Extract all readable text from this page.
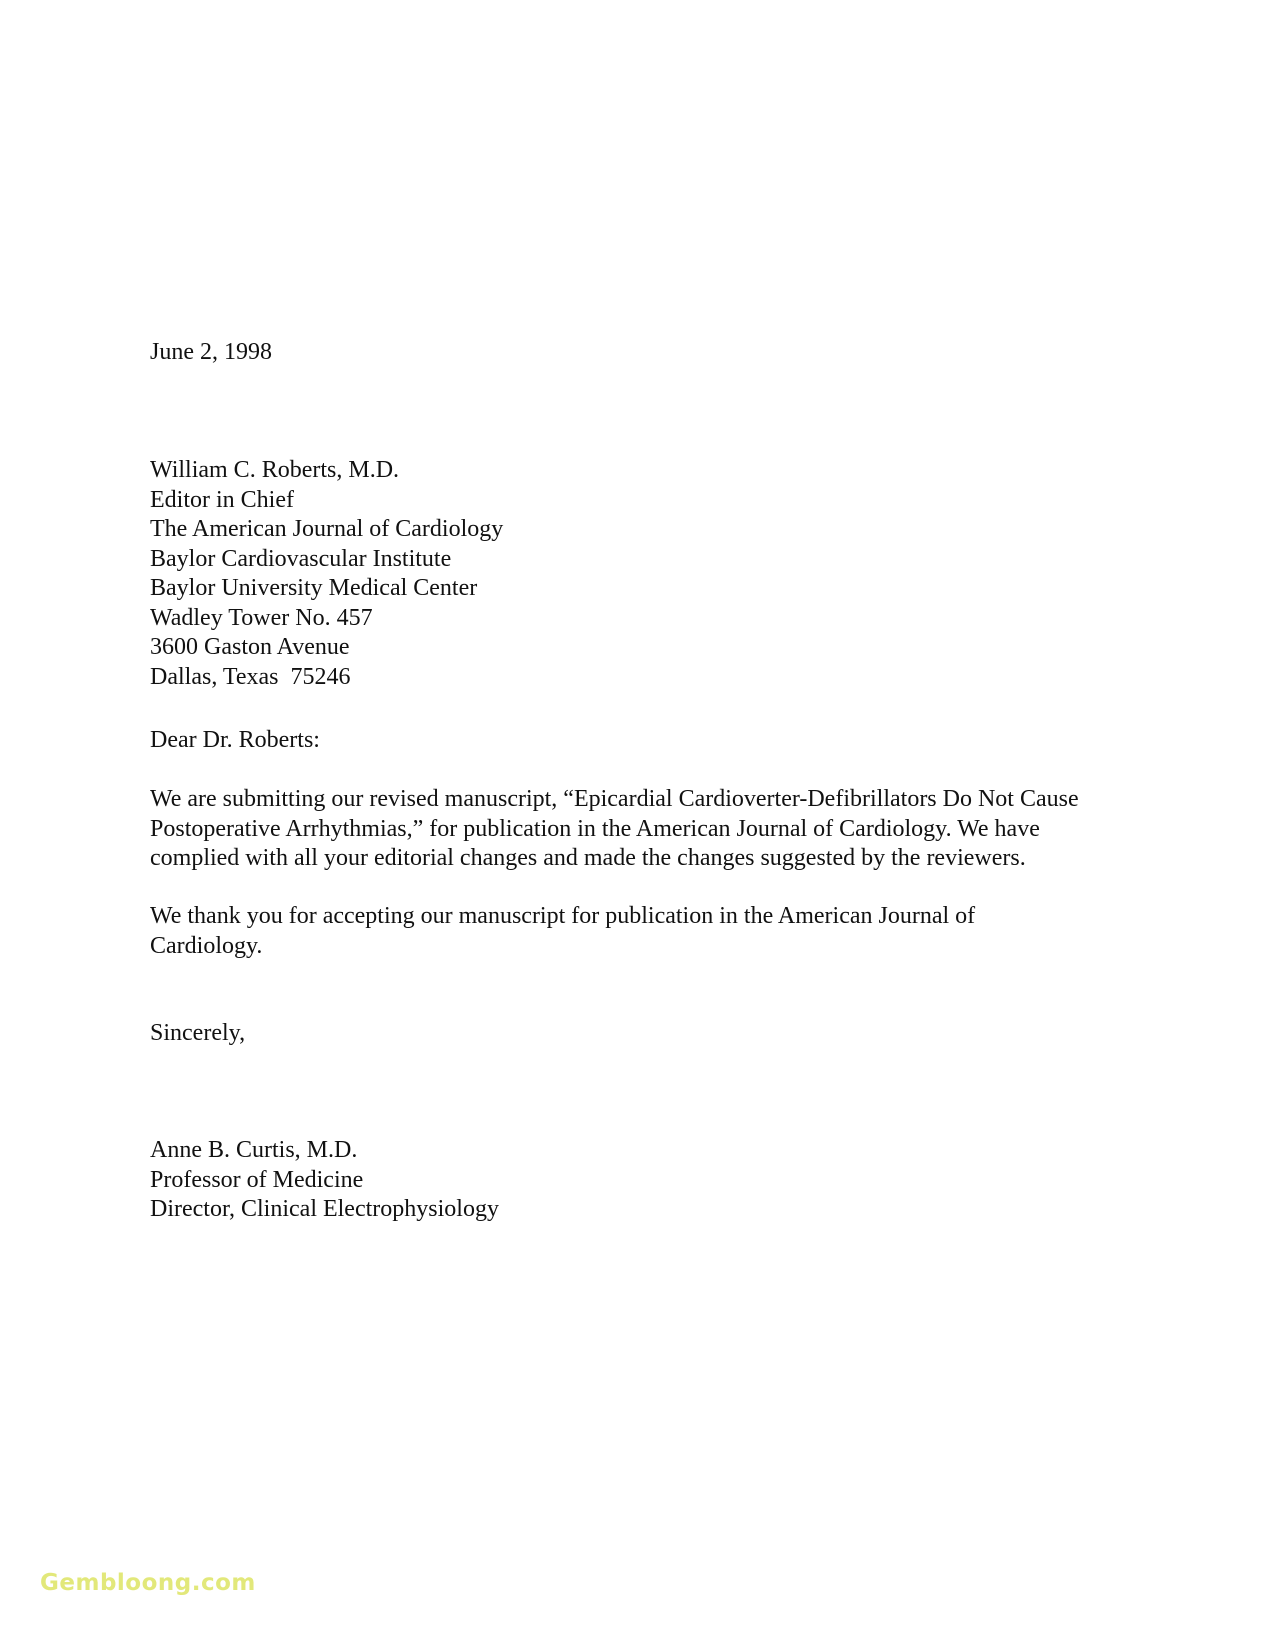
June 2, 1998
William C. Roberts, M.D.
Editor in Chief
The American Journal of Cardiology
Baylor Cardiovascular Institute
Baylor University Medical Center
Wadley Tower No. 457
3600 Gaston Avenue
Dallas, Texas  75246
Dear Dr. Roberts:
We are submitting our revised manuscript, “Epicardial Cardioverter-Defibrillators Do Not Cause
Postoperative Arrhythmias,” for publication in the American Journal of Cardiology. We have
complied with all your editorial changes and made the changes suggested by the reviewers.
We thank you for accepting our manuscript for publication in the American Journal of
Cardiology.
Sincerely,
Anne B. Curtis, M.D.
Professor of Medicine
Director, Clinical Electrophysiology
Gembloong.com
